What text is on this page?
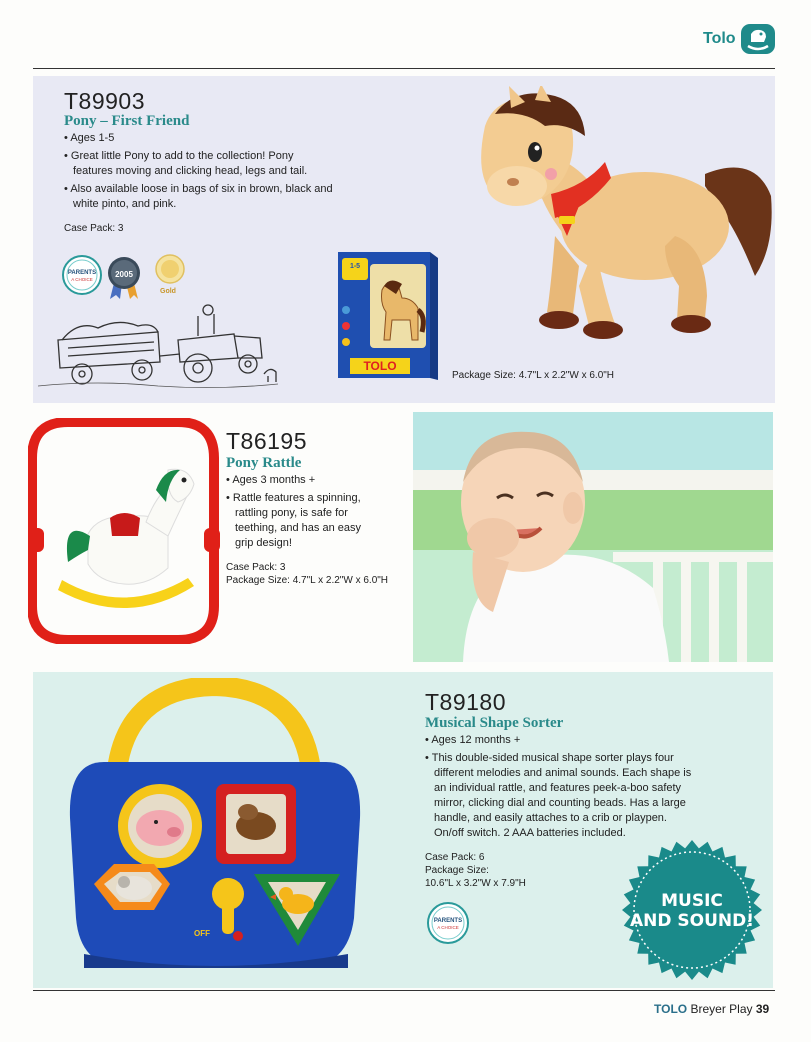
Tolo
T89903
Pony – First Friend
• Ages 1-5
• Great little Pony to add to the collection! Pony features moving and clicking head, legs and tail.
• Also available loose in bags of six in brown, black and white pinto, and pink.
Case Pack: 3
PARENTS
A CHOICE
2005
Gold
1-5
TOLO
Package Size: 4.7"L x 2.2"W x 6.0"H
T86195
Pony Rattle
• Ages 3 months +
• Rattle features a spinning, rattling pony, is safe for teething, and has an easy grip design!
Case Pack: 3
Package Size: 4.7"L x 2.2"W x 6.0"H
OFF
T89180
Musical Shape Sorter
• Ages 12 months +
• This double-sided musical shape sorter plays four different melodies and animal sounds. Each shape is an individual rattle, and features peek-a-boo safety mirror, clicking dial and counting beads. Has a large handle, and easily attaches to a crib or playpen. On/off switch. 2 AAA batteries included.
Case Pack: 6
Package Size:
10.6"L x 3.2"W x 7.9"H
PARENTS
A CHOICE
MUSIC
AND SOUND!
TOLO Breyer Play 39
